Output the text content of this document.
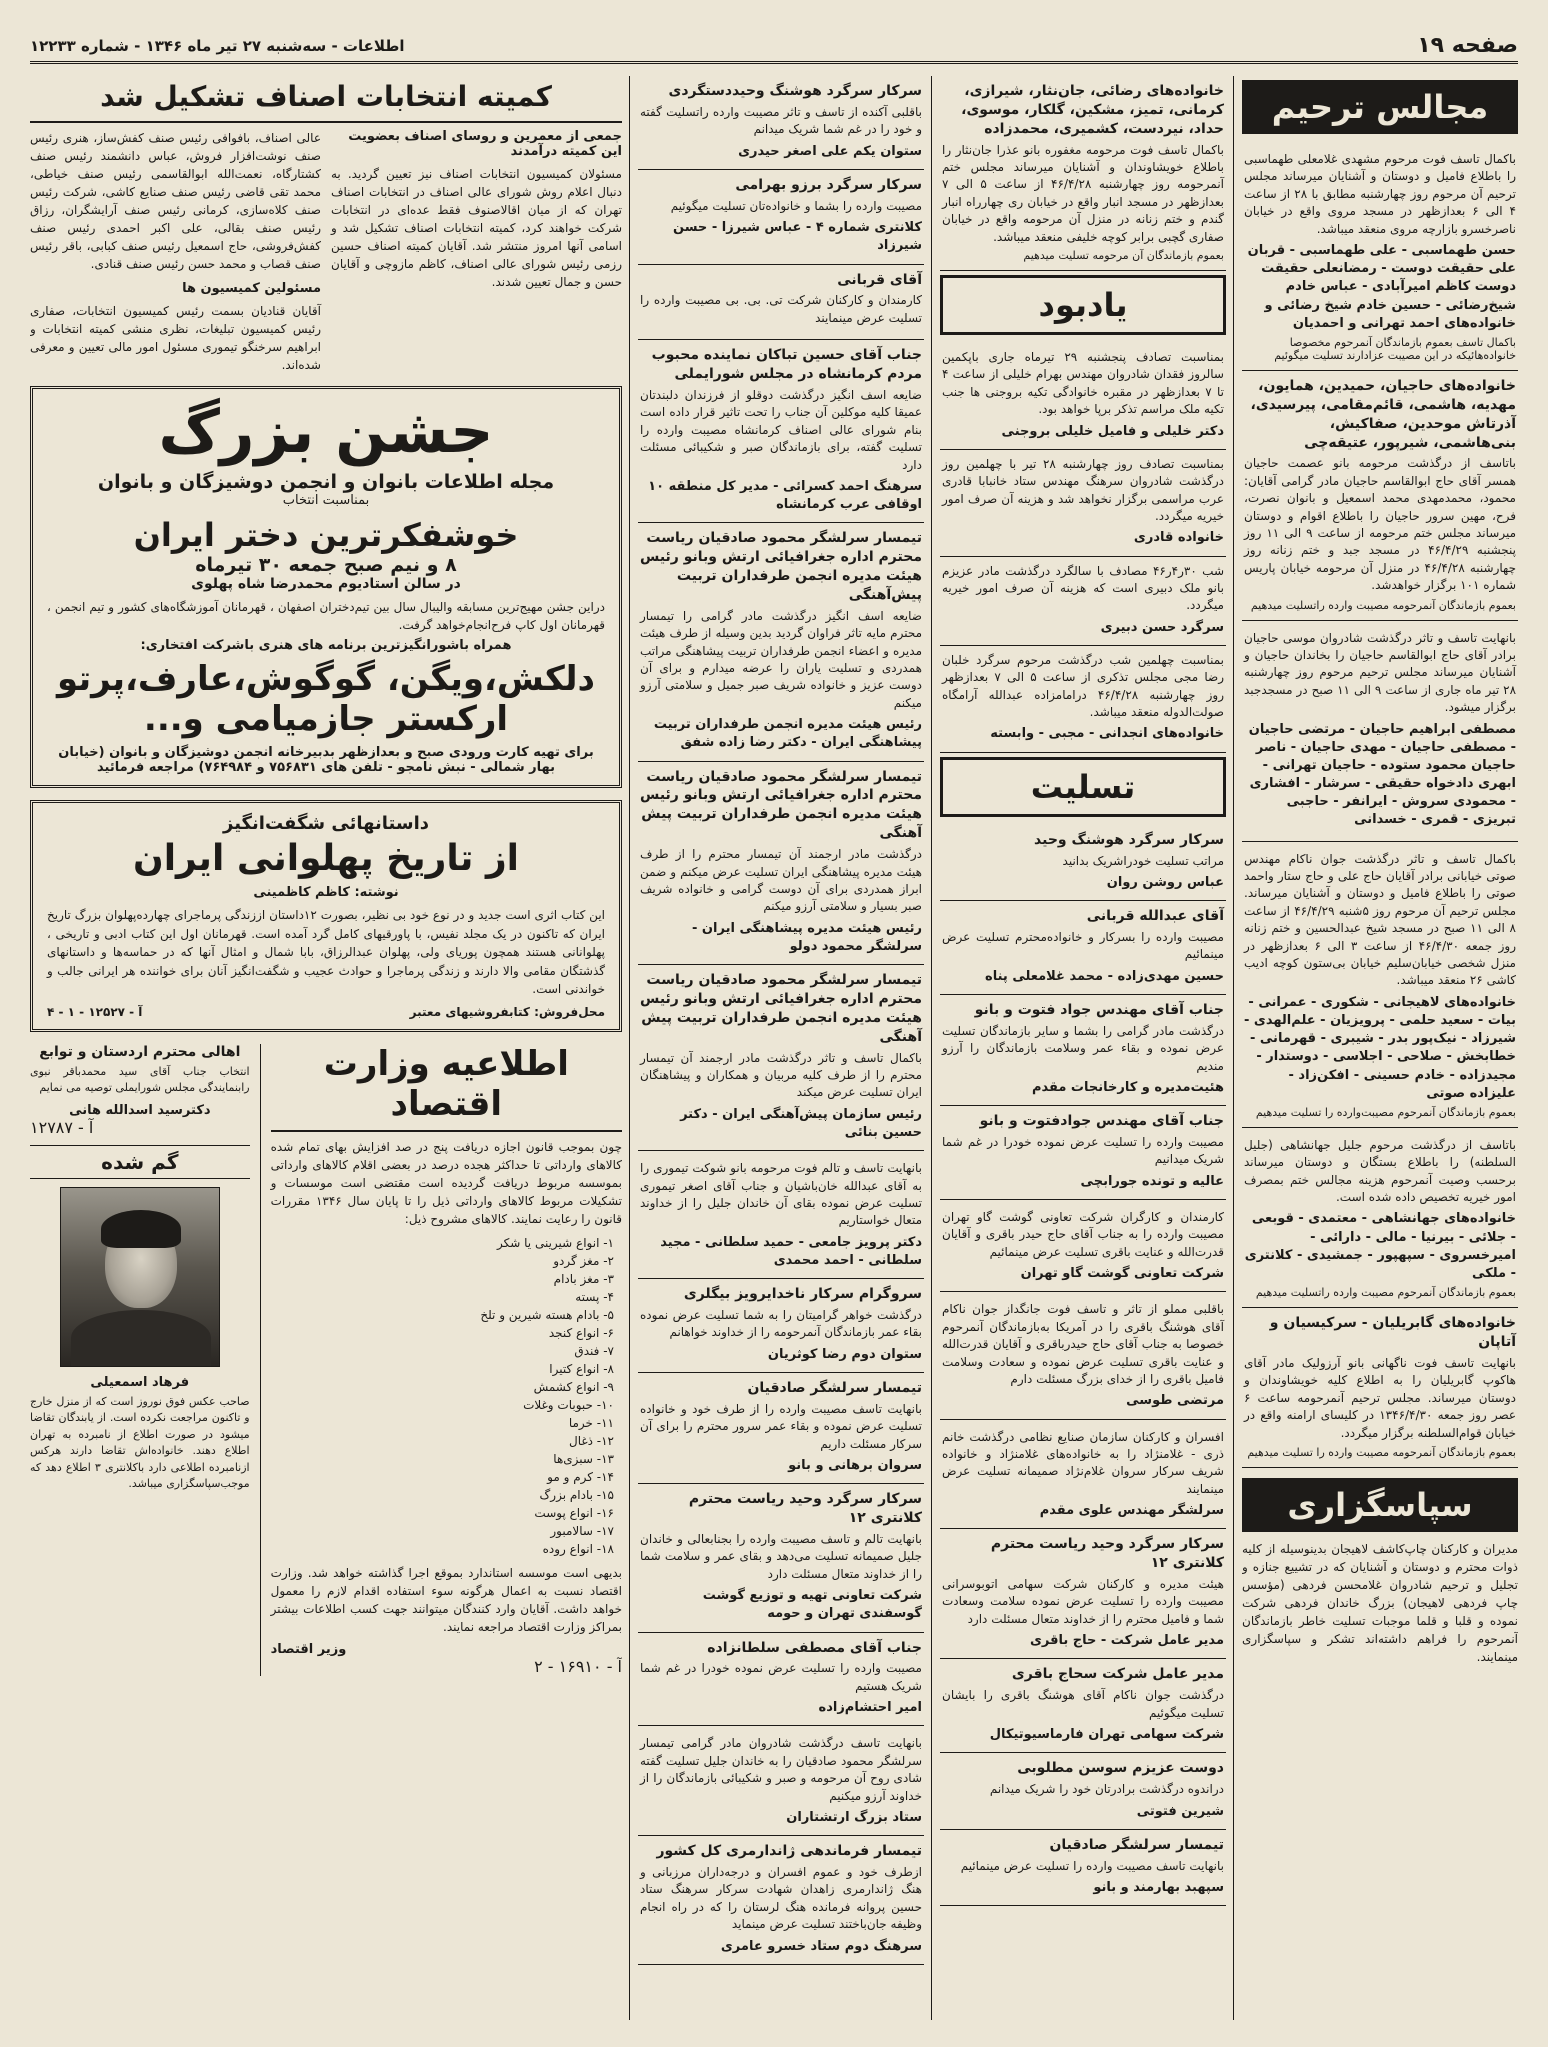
صفحه ۱۹
اطلاعات - سه‌شنبه ۲۷ تیر ماه ۱۳۴۶ - شماره ۱۲۲۳۳
مجالس ترحیم
باکمال تاسف فوت مرحوم مشهدی غلامعلی طهماسبی را باطلاع فامیل و دوستان و آشنایان میرساند مجلس ترحیم آن مرحوم روز چهارشنبه مطابق با ۲۸ از ساعت ۴ الی ۶ بعدازظهر در مسجد مروی واقع در خیابان ناصرخسرو بازارچه مروی منعقد میباشد.
حسن طهماسبی - علی طهماسبی - قربان علی حقیقت دوست - رمضانعلی حقیقت دوست کاظم امیرآبادی - عباس خادم شیخ‌رضائی - حسین خادم شیخ رضائی و خانواده‌های احمد تهرانی و احمدیان
باکمال تاسف بعموم بازماندگان آنمرحوم مخصوصا خانواده‌هائیکه در این مصیبت عزادارند تسلیت میگوئیم
خانواده‌های حاجیان، حمیدین، همایون، مهدیه، هاشمی، قائم‌مقامی، پیرسیدی، آذرتاش موحدین، صفاکیش، بنی‌هاشمی، شیرپور، عتیقه‌چی
باتاسف از درگذشت مرحومه بانو عصمت حاجیان همسر آقای حاج ابوالقاسم حاجیان مادر گرامی آقایان: محمود، محمدمهدی محمد اسمعیل و بانوان نصرت، فرح، مهین سرور حاجیان را باطلاع اقوام و دوستان میرساند مجلس ختم مرحومه از ساعت ۹ الی ۱۱ روز پنجشنبه ۴۶/۴/۲۹ در مسجد جبد و ختم زنانه روز چهارشنبه ۴۶/۴/۲۸ در منزل آن مرحومه خیابان پاریس شماره ۱۰۱ برگزار خواهدشد.
بعموم بازماندگان آنمرحومه مصیبت وارده راتسلیت میدهیم
بانهایت تاسف و تاثر درگذشت شادروان موسی حاجیان برادر آقای حاج ابوالقاسم حاجیان را بخاندان حاجیان و آشنایان میرساند مجلس ترحیم مرحوم روز چهارشنبه ۲۸ تیر ماه جاری از ساعت ۹ الی ۱۱ صبح در مسجدجبد برگزار میشود.
مصطفی ابراهیم حاجیان - مرتضی حاجیان - مصطفی حاجیان - مهدی حاجیان - ناصر حاجیان محمود ستوده - حاجیان تهرانی - ابهری دادخواه حقیقی - سرشار - افشاری - محمودی سروش - ایرانفر - حاجبی تبریزی - قمری - خسدانی
باکمال تاسف و تاثر درگذشت جوان ناکام مهندس صوتی خیابانی برادر آقایان حاج علی و حاج ستار واحمد صوتی را باطلاع فامیل و دوستان و آشنایان میرساند. مجلس ترحیم آن مرحوم روز ۵شنبه ۴۶/۴/۲۹ از ساعت ۸ الی ۱۱ صبح در مسجد شیخ عبدالحسین و ختم زنانه روز جمعه ۴۶/۴/۳۰ از ساعت ۳ الی ۶ بعدازظهر در منزل شخصی خیابان‌سلیم خیابان بی‌ستون کوچه ادیب کاشی ۲۶ منعقد میباشد.
خانواده‌های لاهیجانی - شکوری - عمرانی - بیات - سعید حلمی - پرویزیان - علم‌الهدی - شیرزاد - نیک‌پور بدر - شیبری - قهرمانی - خطابخش - صلاحی - اجلاسی - دوستدار - مجیدزاده - خادم حسینی - افکن‌زاد - علیزاده صوتی
بعموم بازماندگان آنمرحوم مصیبت‌وارده را تسلیت میدهیم
باتاسف از درگذشت مرحوم جلیل جهانشاهی (جلیل السلطنه) را باطلاع بستگان و دوستان میرساند برحسب وصیت آنمرحوم هزینه مجالس ختم بمصرف امور خیریه تخصیص داده شده است.
خانواده‌های جهانشاهی - معتمدی - قوبعی - جلائی - بیرنیا - مالی - دارائی - امیرخسروی - سپهپور - جمشیدی - کلانتری - ملکی
بعموم بازماندگان آنمرحوم مصیبت وارده راتسلیت میدهیم
خانواده‌های گابریلیان - سرکیسیان و آتاپان
بانهایت تاسف فوت ناگهانی بانو آرزولیک مادر آقای هاکوپ گابریلیان را به اطلاع کلیه خویشاوندان و دوستان میرساند. مجلس ترحیم آنمرحومه ساعت ۶ عصر روز جمعه ۱۳۴۶/۴/۳۰ در کلیسای ارامنه واقع در خیابان قوام‌السلطنه برگزار میگردد.
بعموم بازماندگان آنمرحومه مصیبت وارده را تسلیت میدهیم
سپاسگزاری
مدیران و کارکنان چاپ‌کاشف لاهیجان بدینوسیله از کلیه ذوات محترم و دوستان و آشنایان که در تشییع جنازه و تجلیل و ترحیم شادروان غلامحسن فردهی (مؤسس چاپ فردهی لاهیجان) بزرگ خاندان فردهی شرکت نموده و قلبا و قلما موجبات تسلیت خاطر بازماندگان آنمرحوم را فراهم داشته‌اند تشکر و سپاسگزاری مینمایند.
خانواده‌های رضائی، جان‌نثار، شیرازی، کرمانی، تمیز، مشکین، گلکار، موسوی، حداد، نیردست، کشمیری، محمدزاده
باکمال تاسف فوت مرحومه مغفوره بانو عذرا جان‌نثار را باطلاع خویشاوندان و آشنایان میرساند مجلس ختم آنمرحومه روز چهارشنبه ۴۶/۴/۲۸ از ساعت ۵ الی ۷ بعدازظهر در مسجد انبار واقع در خیابان ری چهارراه انبار گندم و ختم زنانه در منزل آن مرحومه واقع در خیابان صفاری گچبی برابر کوچه خلیفی منعقد میباشد.
بعموم بازماندگان آن مرحومه تسلیت میدهیم
یادبود
بمناسبت تصادف پنجشنبه ۲۹ تیرماه جاری باپکمین سالروز فقدان شادروان مهندس بهرام خلیلی از ساعت ۴ تا ۷ بعدازظهر در مقبره خانوادگی تکیه بروجنی ها جنب تکیه ملک مراسم تذکر برپا خواهد بود.
دکتر خلیلی و فامیل خلیلی بروجنی
بمناسبت تصادف روز چهارشنبه ۲۸ تیر با چهلمین روز درگذشت شادروان سرهنگ مهندس ستاد خانبابا قادری عرب مراسمی برگزار نخواهد شد و هزینه آن صرف امور خیریه میگردد.
خانواده قادری
شب ۳۰ر۴ر۴۶ مصادف با سالگرد درگذشت مادر عزیزم بانو ملک دبیری است که هزینه آن صرف امور خیریه میگردد.
سرگرد حسن دبیری
بمناسبت چهلمین شب درگذشت مرحوم سرگرد خلبان رضا مجی مجلس تذکری از ساعت ۵ الی ۷ بعدازظهر روز چهارشنبه ۴۶/۴/۲۸ درامامزاده عبدالله آرامگاه صولت‌الدوله منعقد میباشد.
خانواده‌های انجدانی - مجبی - وابسته
تسلیت
سرکار سرگرد هوشنگ وحید
مراتب تسلیت خودراشریک بدانید
عباس روشن روان
آقای عبدالله قربانی
مصیبت وارده را بسرکار و خانواده‌محترم تسلیت عرض مینمائیم
حسین مهدی‌زاده - محمد غلامعلی پناه
جناب آقای مهندس جواد فتوت و بانو
درگذشت مادر گرامی را بشما و سایر بازماندگان تسلیت عرض نموده و بقاء عمر وسلامت بازماندگان را آرزو مندیم
هئیت‌مدیره و کارخانجات مقدم
جناب آقای مهندس جوادفتوت و بانو
مصیبت وارده را تسلیت عرض نموده خودرا در غم شما شریک میدانیم
عالیه و تونده جورابچی
کارمندان و کارگران شرکت تعاونی گوشت گاو تهران مصیبت وارده را به جناب آقای حاج حیدر باقری و آقایان قدرت‌الله و عنایت باقری تسلیت عرض مینمائیم
شرکت تعاونی گوشت گاو تهران
باقلبی مملو از تاثر و تاسف فوت جانگداز جوان ناکام آقای هوشنگ باقری را در آمریکا به‌بازماندگان آنمرحوم خصوصا به جناب آقای حاج حیدرباقری و آقایان قدرت‌الله و عنایت باقری تسلیت عرض نموده و سعادت وسلامت فامیل باقری را از خدای بزرگ مسئلت دارم
مرتضی طوسی
افسران و کارکنان سازمان صنایع نظامی درگذشت خانم ذری - غلامنژاد را به خانواده‌های غلامنژاد و خانواده شریف سرکار سروان غلام‌نژاد صمیمانه تسلیت عرض مینمایند
سرلشگر مهندس علوی مقدم
سرکار سرگرد وحید ریاست محترم کلانتری ۱۲
هیئت مدیره و کارکنان شرکت سهامی اتوبوسرانی مصیبت وارده را تسلیت عرض نموده سلامت وسعادت شما و فامیل محترم را از خداوند متعال مسئلت دارد
مدیر عامل شرکت - حاج باقری
مدیر عامل شرکت سحاج باقری
درگذشت جوان ناکام آقای هوشنگ باقری را بایشان تسلیت میگوئیم
شرکت سهامی تهران فارماسیوتیکال
دوست عزیزم سوسن مطلوبی
دراندوه درگذشت برادرتان خود را شریک میدانم
شیرین فتوتی
تیمسار سرلشگر صادقیان
بانهایت تاسف مصیبت وارده را تسلیت عرض مینمائیم
سپهبد بهارمند و بانو
سرکار سرگرد هوشنگ وحیددستگردی
باقلبی آکنده از تاسف و تاثر مصیبت وارده راتسلیت گفته و خود را در غم شما شریک میدانم
ستوان یکم علی اصغر حیدری
سرکار سرگرد برزو بهرامی
مصیبت وارده را بشما و خانواده‌تان تسلیت میگوئیم
کلانتری شماره ۴ - عباس شیرزا - حسن شیرزاد
آقای قربانی
کارمندان و کارکنان شرکت تی. بی. بی مصیبت وارده را تسلیت عرض مینمایند
جناب آقای حسین تباکان نماینده محبوب مردم کرمانشاه در مجلس شورایملی
ضایعه اسف انگیز درگذشت دوقلو از فرزندان دلبندتان عمیقا کلیه موکلین آن جناب را تحت تاثیر قرار داده است بنام شورای عالی اصناف کرمانشاه مصیبت وارده را تسلیت گفته، برای بازماندگان صبر و شکیبائی مسئلت دارد
سرهنگ احمد کسرائی - مدیر کل منطقه ۱۰ اوقافی عرب کرمانشاه
تیمسار سرلشگر محمود صادقیان ریاست محترم اداره جغرافیائی ارتش وبانو رئیس هیئت مدیره انجمن طرفداران تربیت پیش‌آهنگی
ضایعه اسف انگیز درگذشت مادر گرامی را تیمسار محترم مایه تاثر فراوان گردید بدین وسیله از طرف هیئت مدیره و اعضاء انجمن طرفداران تربیت پیشاهنگی مراتب همدردی و تسلیت یاران را عرضه میدارم و برای آن دوست عزیز و خانواده شریف صبر جمیل و سلامتی آرزو میکنم
رئیس هیئت مدیره انجمن طرفداران تربیت پیشاهنگی ایران - دکتر رضا زاده شفق
تیمسار سرلشگر محمود صادقیان ریاست محترم اداره جغرافیائی ارتش وبانو رئیس هیئت مدیره انجمن طرفداران تربیت پیش آهنگی
درگذشت مادر ارجمند آن تیمسار محترم را از طرف هیئت مدیره پیشاهنگی ایران تسلیت عرض میکنم و ضمن ابراز همدردی برای آن دوست گرامی و خانواده شریف صبر بسیار و سلامتی آرزو میکنم
رئیس هیئت مدیره پیشاهنگی ایران - سرلشگر محمود دولو
تیمسار سرلشگر محمود صادقیان ریاست محترم اداره جغرافیائی ارتش وبانو رئیس هیئت مدیره انجمن طرفداران تربیت پیش آهنگی
باکمال تاسف و تاثر درگذشت مادر ارجمند آن تیمسار محترم را از طرف کلیه مربیان و همکاران و پیشاهنگان ایران تسلیت عرض میکند
رئیس سازمان پیش‌آهنگی ایران - دکتر حسین بنائی
بانهایت تاسف و تالم فوت مرحومه بانو شوکت تیموری را به آقای عبدالله خان‌باشیان و جناب آقای اصغر تیموری تسلیت عرض نموده بقای آن خاندان جلیل را از خداوند متعال خواستاریم
دکتر پرویز جامعی - حمید سلطانی - مجید سلطانی - احمد محمدی
سروگرام سرکار ناخدایرویز بیگلری
درگذشت خواهر گرامیتان را به شما تسلیت عرض نموده بقاء عمر بازماندگان آنمرحومه را از خداوند خواهانم
ستوان دوم رضا کوثریان
تیمسار سرلشگر صادقیان
بانهایت تاسف مصیبت وارده را از طرف خود و خانواده تسلیت عرض نموده و بقاء عمر سرور محترم را برای آن سرکار مسئلت داریم
سروان برهانی و بانو
سرکار سرگرد وحید ریاست محترم کلانتری ۱۲
بانهایت تالم و تاسف مصیبت وارده را بجنابعالی و خاندان جلیل صمیمانه تسلیت می‌دهد و بقای عمر و سلامت شما را از خداوند متعال مسئلت دارد
شرکت تعاونی تهیه و توزیع گوشت گوسفندی تهران و حومه
جناب آقای مصطفی سلطانزاده
مصیبت وارده را تسلیت عرض نموده خودرا در غم شما شریک هستیم
امیر احتشام‌زاده
بانهایت تاسف درگذشت شادروان مادر گرامی تیمسار سرلشگر محمود صادقیان را به خاندان جلیل تسلیت گفته شادی روح آن مرحومه و صبر و شکیبائی بازماندگان را از خداوند آرزو میکنیم
ستاد بزرگ ارتشتاران
تیمسار فرماندهی ژاندارمری کل کشور
ازطرف خود و عموم افسران و درجه‌داران مرزبانی و هنگ ژاندارمری زاهدان شهادت سرکار سرهنگ ستاد حسین پروانه فرمانده هنگ لرستان را که در راه انجام وظیفه جان‌باختند تسلیت عرض مینماید
سرهنگ دوم ستاد خسرو عامری
کمیته انتخابات اصناف تشکیل شد
جمعی از معمرین و روسای اصناف بعضویت این کمیته درآمدند
مسئولان کمیسیون انتخابات اصناف نیز تعیین گردید. به دنبال اعلام روش شورای عالی اصناف در انتخابات اصناف تهران که از میان اقالاصنوف فقط عده‌ای در انتخابات شرکت خواهند کرد، کمیته انتخابات اصناف تشکیل شد و اسامی آنها امروز منتشر شد. آقایان کمیته اصناف حسین رزمی رئیس شورای عالی اصناف، کاظم مازوچی و آقایان حسن و جمال تعیین شدند.
عالی اصناف، بافوافی رئیس صنف کفش‌ساز، هنری رئیس صنف نوشت‌افزار فروش، عباس دانشمند رئیس صنف کشتارگاه، نعمت‌الله ابوالقاسمی رئیس صنف خیاطی، محمد تقی قاضی رئیس صنف صنایع کاشی، شرکت رئیس صنف کلاه‌سازی، کرمانی رئیس صنف آرایشگران، رزاق رئیس صنف بقالی، علی اکبر احمدی رئیس صنف کفش‌فروشی، حاج اسمعیل رئیس صنف کبابی، باقر رئیس صنف قصاب و محمد حسن رئیس صنف قنادی.
مسئولین کمیسیون ها
آقایان قنادیان بسمت رئیس کمیسیون انتخابات، صفاری رئیس کمیسیون تبلیغات، نظری منشی کمیته انتخابات و ابراهیم سرخنگو تیموری مسئول امور مالی تعیین و معرفی شده‌اند.
جشن بزرگ
مجله اطلاعات بانوان و انجمن دوشیزگان و بانوان
بمناسبت انتخاب
خوشفکرترین دختر ایران
۸ و نیم صبح جمعه ۳۰ تیرماه
در سالن استادیوم محمدرضا شاه پهلوی
دراین جشن مهیج‌ترین مسابقه والیبال سال بین تیم‌دختران اصفهان ، قهرمانان آموزشگاه‌های کشور و تیم انجمن ، قهرمانان اول کاپ فرح‌انجام‌خواهد گرفت.
همراه باشورانگیزترین برنامه های هنری باشرکت افتخاری:
دلکش،ویگن، گوگوش،عارف،پرتو
ارکستر جازمیامی و...
برای تهیه کارت ورودی صبح و بعدازظهر بدبیرخانه انجمن دوشیزگان و بانوان (خیابان بهار شمالی - نبش نامجو - تلفن های ۷۵۶۸۳۱ و ۷۶۴۹۸۴) مراجعه فرمائید
داستانهائی شگفت‌انگیز
از تاریخ پهلوانی ایران
نوشته: کاظم کاظمینی
این کتاب اثری است جدید و در نوع خود بی نظیر، بصورت ۱۲داستان اززندگی پرماجرای چهارده‌پهلوان بزرگ تاریخ ایران که تاکنون در یک مجلد نفیس، با پاورقیهای کامل گرد آمده است. قهرمانان اول این کتاب ادبی و تاریخی ، پهلوانانی هستند همچون پوریای ولی، پهلوان عبدالرزاق، بابا شمال و امثال آنها که در حماسه‌ها و داستانهای گذشتگان مقامی والا دارند و زندگی پرماجرا و حوادث عجیب و شگفت‌انگیز آنان برای خواننده هر ایرانی جالب و خواندنی است.
محل‌فروش: کتابفروشیهای معتبر
آ - ۱۲۵۲۷ - ۱ - ۴
اطلاعیه وزارت اقتصاد
چون بموجب قانون اجازه دریافت پنج در صد افزایش بهای تمام شده کالاهای وارداتی تا حداکثر هجده درصد در بعضی اقلام کالاهای وارداتی بموسسه مربوط دریافت گردیده است مقتضی است موسسات و تشکیلات مربوط کالاهای وارداتی ذیل را تا پایان سال ۱۳۴۶ مقررات قانون را رعایت نمایند. کالاهای مشروح ذیل:
۱- انواع شیرینی یا شکر
۲- مغز گردو
۳- مغز بادام
۴- پسته
۵- بادام هسته شیرین و تلخ
۶- انواع کنجد
۷- فندق
۸- انواع کتیرا
۹- انواع کشمش
۱۰- حبوبات وغلات
۱۱- خرما
۱۲- ذغال
۱۳- سبزی‌ها
۱۴- کرم و مو
۱۵- بادام بزرگ
۱۶- انواع پوست
۱۷- سالامبور
۱۸- انواع روده
بدیهی است موسسه استاندارد بموقع اجرا گذاشته خواهد شد. وزارت اقتصاد نسبت به اعمال هرگونه سوء استفاده اقدام لازم را معمول خواهد داشت. آقایان وارد کنندگان میتوانند جهت کسب اطلاعات بیشتر بمراکز وزارت اقتصاد مراجعه نمایند.
وزیر اقتصاد
آ - ۱۶۹۱۰ - ۲
اهالی محترم اردستان و توابع
انتخاب جناب آقای سید محمدباقر نبوی رابنمایندگی مجلس شورایملی توصیه می نمایم
دکترسید اسدالله هانی
آ - ۱۲۷۸۷
گم شده
فرهاد اسمعیلی
صاحب عکس فوق نوروز است که از منزل خارج و تاکنون مراجعت نکرده است. از یابندگان تقاضا میشود در صورت اطلاع از نامبرده به تهران اطلاع دهند. خانواده‌اش تقاضا دارند هرکس ازنامبرده اطلاعی دارد باکلانتری ۳ اطلاع دهد که موجب‌سپاسگزاری میباشد.
